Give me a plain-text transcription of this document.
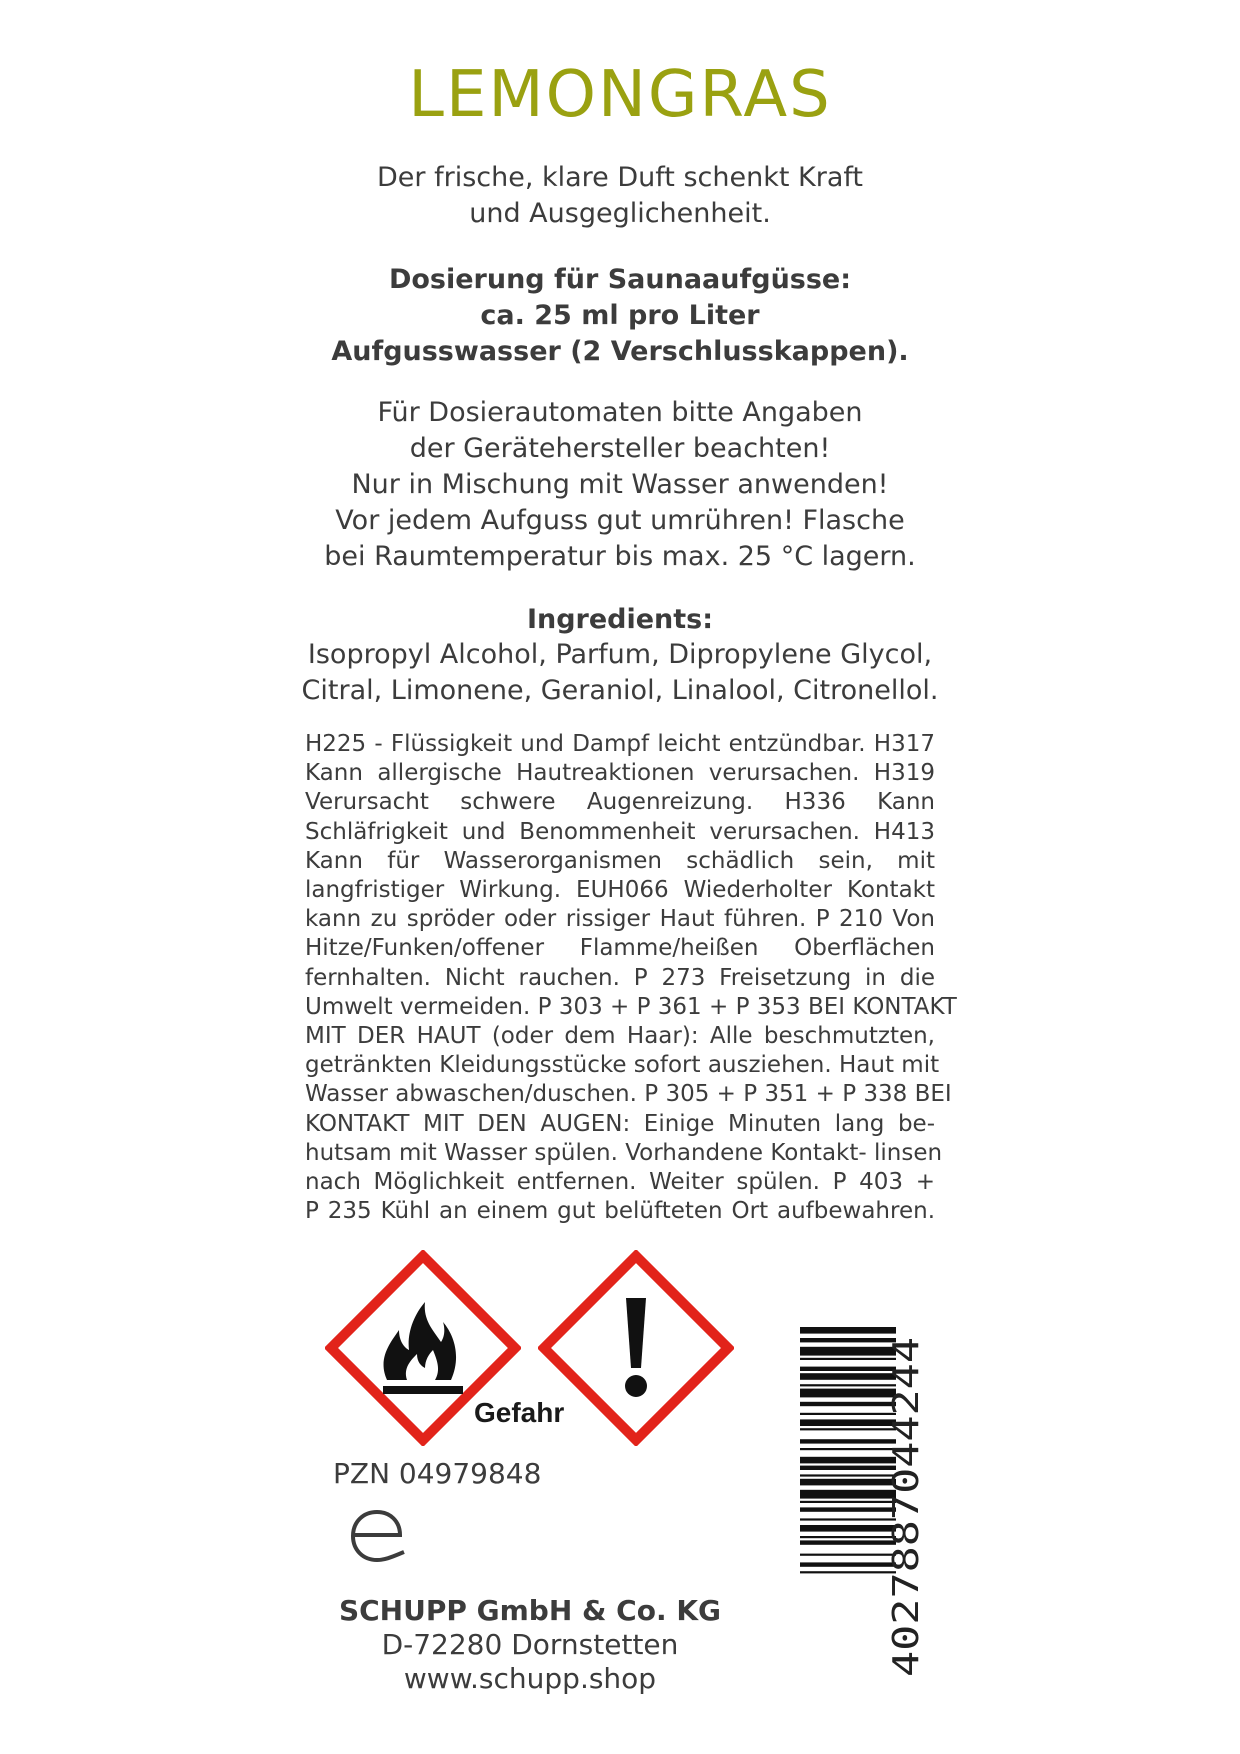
LEMONGRAS
Der frische, klare Duft schenkt Kraft
und Ausgeglichenheit.
Dosierung für Saunaaufgüsse:
ca. 25 ml pro Liter
Aufgusswasser (2 Verschlusskappen).
Für Dosierautomaten bitte Angaben
der Gerätehersteller beachten!
Nur in Mischung mit Wasser anwenden!
Vor jedem Aufguss gut umrühren! Flasche
bei Raumtemperatur bis max. 25 °C lagern.
Ingredients:
Isopropyl Alcohol, Parfum, Dipropylene Glycol,
Citral, Limonene, Geraniol, Linalool, Citronellol.
H225 - Flüssigkeit und Dampf leicht entzündbar. H317
Kann allergische Hautreaktionen verursachen. H319
Verursacht schwere Augenreizung. H336 Kann
Schläfrigkeit und Benommenheit verursachen. H413
Kann für Wasserorganismen schädlich sein, mit
langfristiger Wirkung. EUH066 Wiederholter Kontakt
kann zu spröder oder rissiger Haut führen. P 210 Von
Hitze/Funken/offener Flamme/heißen Oberflächen
fernhalten. Nicht rauchen. P 273 Freisetzung in die
Umwelt vermeiden. P 303 + P 361 + P 353 BEI KONTAKT
MIT DER HAUT (oder dem Haar): Alle beschmutzten,
getränkten Kleidungsstücke sofort ausziehen. Haut mit
Wasser abwaschen/duschen. P 305 + P 351 + P 338 BEI
KONTAKT MIT DEN AUGEN: Einige Minuten lang be-
hutsam mit Wasser spülen. Vorhandene Kontakt- linsen
nach Möglichkeit entfernen. Weiter spülen. P 403 +
P 235 Kühl an einem gut belüfteten Ort aufbewahren.
Gefahr
PZN 04979848
SCHUPP GmbH & Co. KG
D-72280 Dornstetten
www.schupp.shop
4027887044244
